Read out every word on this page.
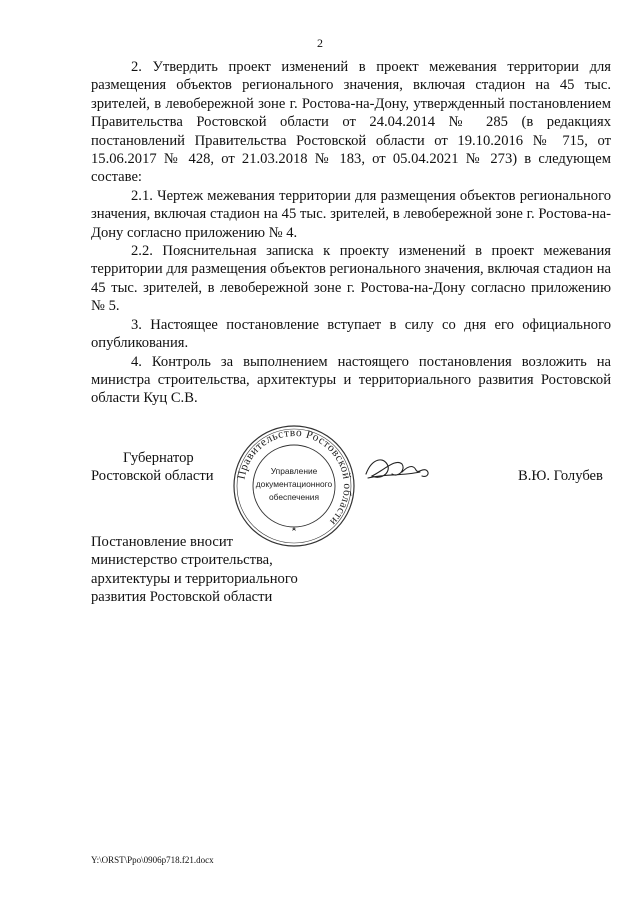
2

2. Утвердить проект изменений в проект межевания территории для размещения объектов регионального значения, включая стадион на 45 тыс. зрителей, в левобережной зоне г. Ростова-на-Дону, утвержденный постановлением Правительства Ростовской области от 24.04.2014 № 285 (в редакциях постановлений Правительства Ростовской области от 19.10.2016 № 715, от 15.06.2017 № 428, от 21.03.2018 № 183, от 05.04.2021 № 273) в следующем составе:

2.1. Чертеж межевания территории для размещения объектов регионального значения, включая стадион на 45 тыс. зрителей, в левобережной зоне г. Ростова-на-Дону согласно приложению № 4.

2.2. Пояснительная записка к проекту изменений в проект межевания территории для размещения объектов регионального значения, включая стадион на 45 тыс. зрителей, в левобережной зоне г. Ростова-на-Дону согласно приложению № 5.

3. Настоящее постановление вступает в силу со дня его официального опубликования.

4. Контроль за выполнением настоящего постановления возложить на министра строительства, архитектуры и территориального развития Ростовской области Куц С.В.

Губернатор
Ростовской области Правительство Ростовской области
Управление
документационного
обеспечения
В.Ю. Голубев
Постановление вносит
министерство строительства,
архитектуры и территориального
развития Ростовской области
Y:\ORST\Ppo\0906p718.f21.docx
